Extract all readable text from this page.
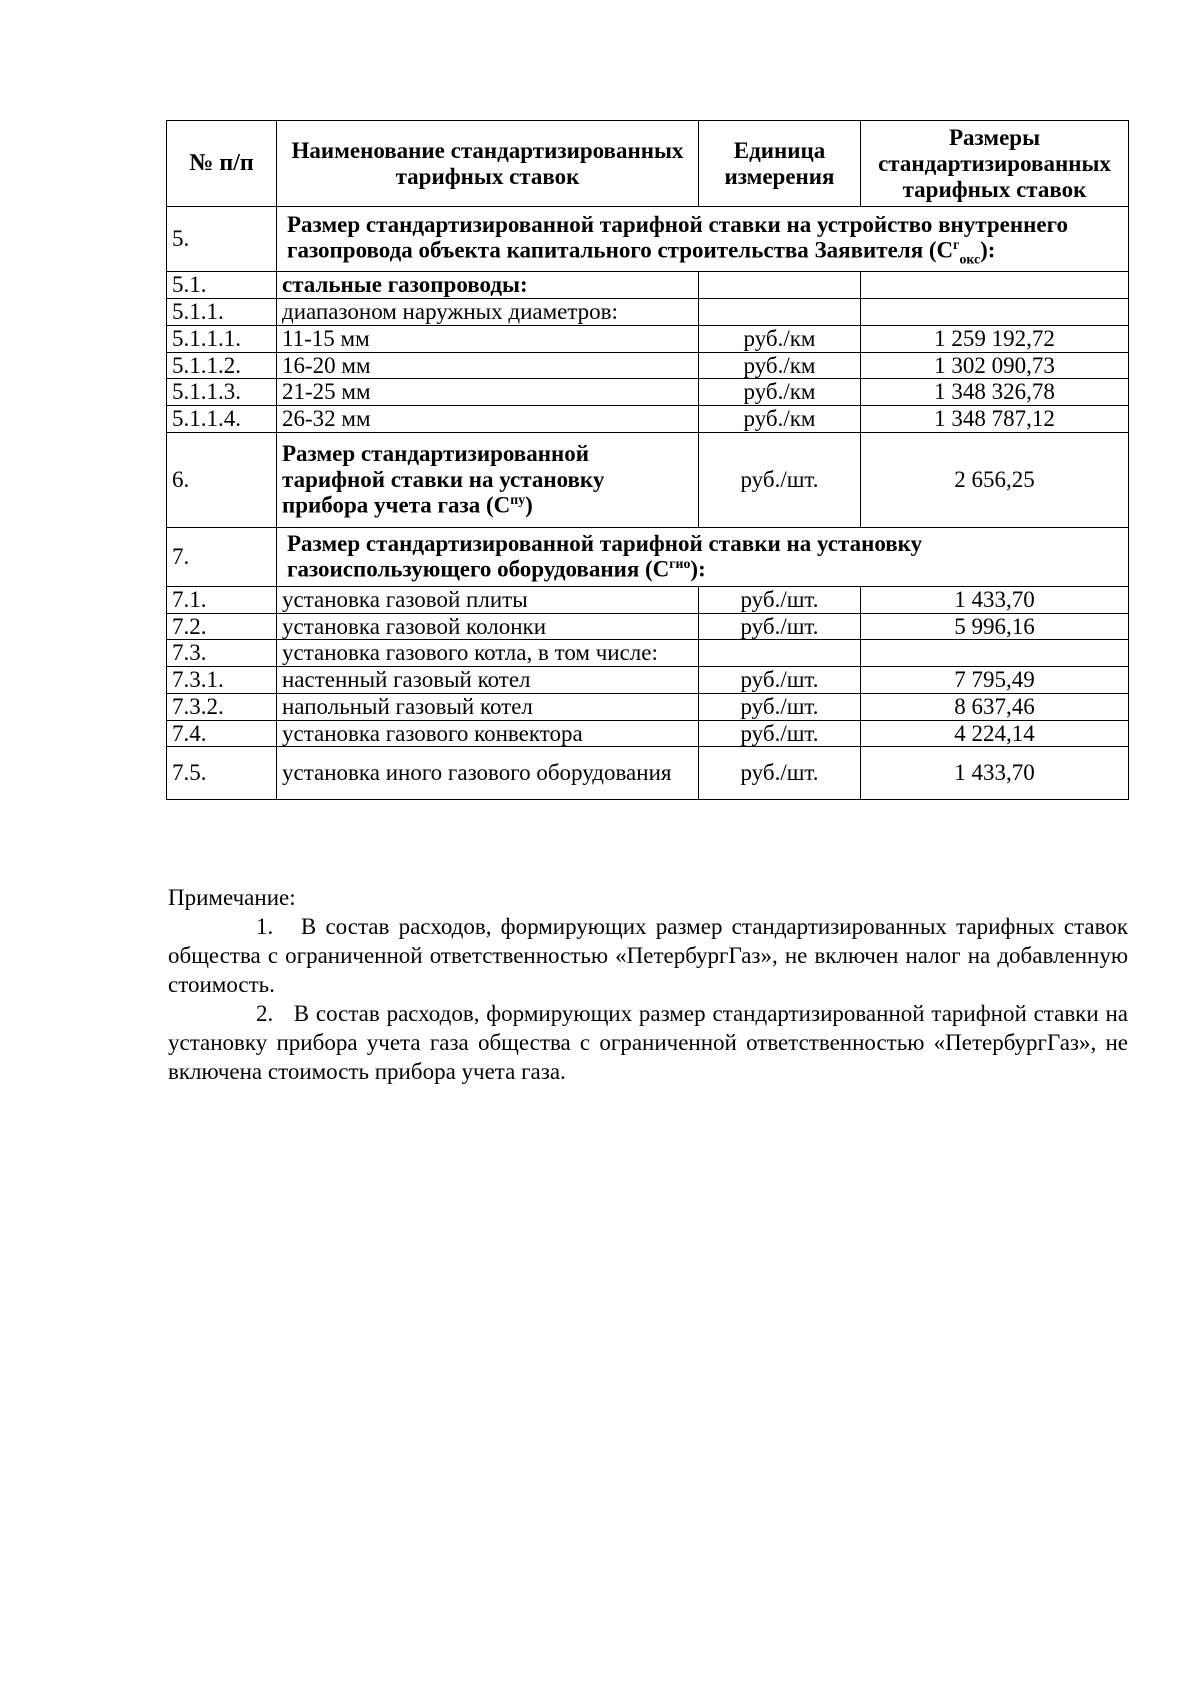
№ п/п	Наименование стандартизированных тарифных ставок	Единица измерения	Размеры стандартизированных тарифных ставок
5.	Размер стандартизированной тарифной ставки на устройство внутреннего газопровода объекта капитального строительства Заявителя $(С^г_{окс})$:		
5.1.	стальные газопроводы:		
5.1.1.	диапазоном наружных диаметров:		
5.1.1.1.	11-15 мм	руб./км	1 259 192,72
5.1.1.2.	16-20 мм	руб./км	1 302 090,73
5.1.1.3.	21-25 мм	руб./км	1 348 326,78
5.1.1.4.	26-32 мм	руб./км	1 348 787,12
6.	Размер стандартизированной тарифной ставки на установку прибора учета газа $(С^{пу})$	руб./шт.	2 656,25
7.	Размер стандартизированной тарифной ставки на установку газоиспользующего оборудования $(С^{гио})$:		
7.1.	установка газовой плиты	руб./шт.	1 433,70
7.2.	установка газовой колонки	руб./шт.	5 996,16
7.3.	установка газового котла, в том числе:		
7.3.1.	настенный газовый котел	руб./шт.	7 795,49
7.3.2.	напольный газовый котел	руб./шт.	8 637,46
7.4.	установка газового конвектора	руб./шт.	4 224,14
7.5.	установка иного газового оборудования	руб./шт.	1 433,70

Примечание:

1. В состав расходов, формирующих размер стандартизированных тарифных ставок общества с ограниченной ответственностью «ПетербургГаз», не включен налог на добавленную стоимость.

2. В состав расходов, формирующих размер стандартизированной тарифной ставки на установку прибора учета газа общества с ограниченной ответственностью «ПетербургГаз», не включена стоимость прибора учета газа.
